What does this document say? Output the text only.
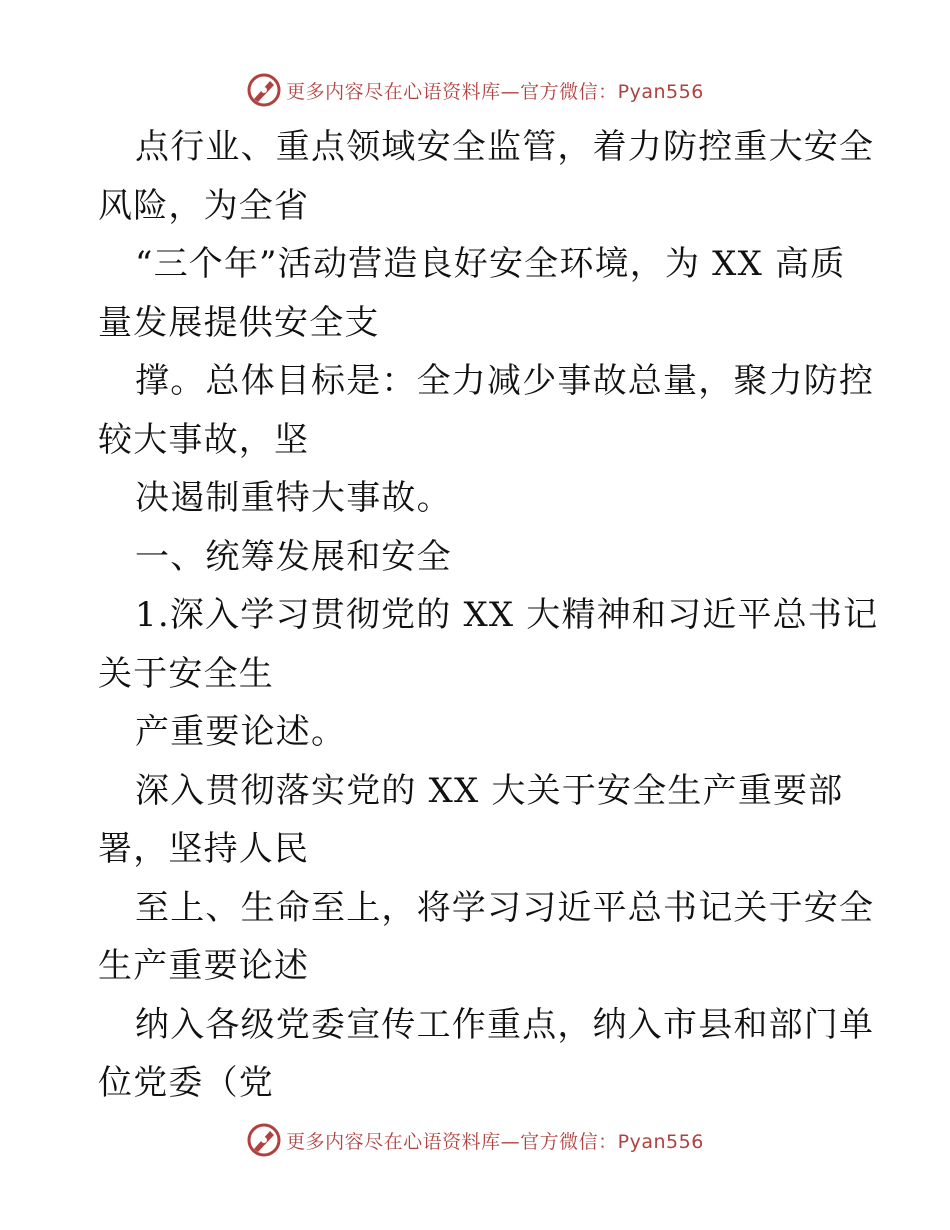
更多内容尽在心语资料库—官方微信：Pyan556
点行业、重点领域安全监管，着力防控重大安全
风险，为全省
“三个年”活动营造良好安全环境，为 XX 高质
量发展提供安全支
撑。总体目标是：全力减少事故总量，聚力防控
较大事故，坚
决遏制重特大事故。
一、统筹发展和安全
1.深入学习贯彻党的 XX 大精神和习近平总书记
关于安全生
产重要论述。
深入贯彻落实党的 XX 大关于安全生产重要部
署，坚持人民
至上、生命至上，将学习习近平总书记关于安全
生产重要论述
纳入各级党委宣传工作重点，纳入市县和部门单
位党委（党
更多内容尽在心语资料库—官方微信：Pyan556
